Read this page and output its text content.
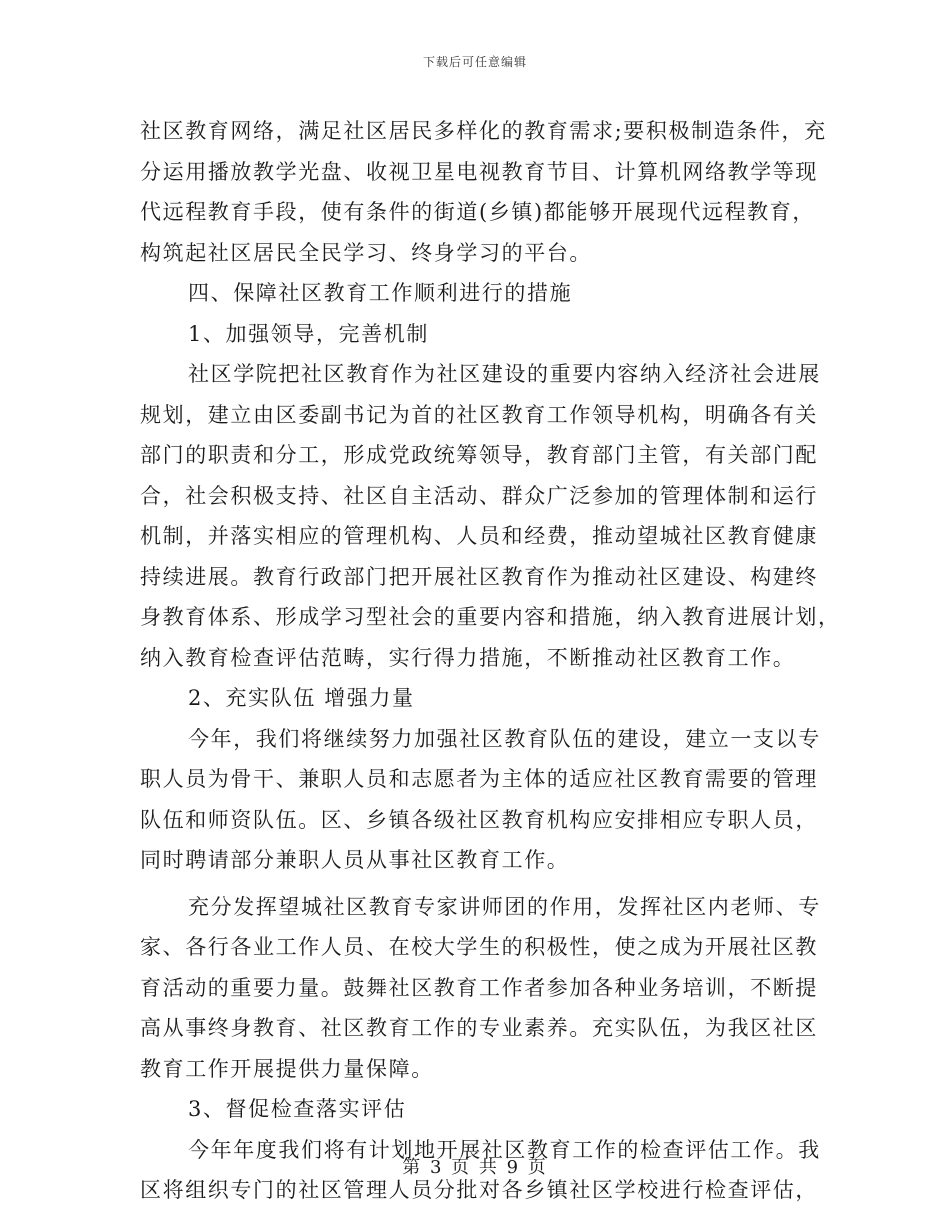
下载后可任意编辑
社区教育网络，满足社区居民多样化的教育需求;要积极制造条件，充
分运用播放教学光盘、收视卫星电视教育节目、计算机网络教学等现
代远程教育手段，使有条件的街道(乡镇)都能够开展现代远程教育，
构筑起社区居民全民学习、终身学习的平台。
四、保障社区教育工作顺利进行的措施
1、加强领导，完善机制
社区学院把社区教育作为社区建设的重要内容纳入经济社会进展
规划，建立由区委副书记为首的社区教育工作领导机构，明确各有关
部门的职责和分工，形成党政统筹领导，教育部门主管，有关部门配
合，社会积极支持、社区自主活动、群众广泛参加的管理体制和运行
机制，并落实相应的管理机构、人员和经费，推动望城社区教育健康
持续进展。教育行政部门把开展社区教育作为推动社区建设、构建终
身教育体系、形成学习型社会的重要内容和措施，纳入教育进展计划，
纳入教育检查评估范畴，实行得力措施，不断推动社区教育工作。
2、充实队伍 增强力量
今年，我们将继续努力加强社区教育队伍的建设，建立一支以专
职人员为骨干、兼职人员和志愿者为主体的适应社区教育需要的管理
队伍和师资队伍。区、乡镇各级社区教育机构应安排相应专职人员，
同时聘请部分兼职人员从事社区教育工作。
充分发挥望城社区教育专家讲师团的作用，发挥社区内老师、专
家、各行各业工作人员、在校大学生的积极性，使之成为开展社区教
育活动的重要力量。鼓舞社区教育工作者参加各种业务培训，不断提
高从事终身教育、社区教育工作的专业素养。充实队伍，为我区社区
教育工作开展提供力量保障。
3、督促检查落实评估
今年年度我们将有计划地开展社区教育工作的检查评估工作。我
区将组织专门的社区管理人员分批对各乡镇社区学校进行检查评估，
第 3 页 共 9 页
